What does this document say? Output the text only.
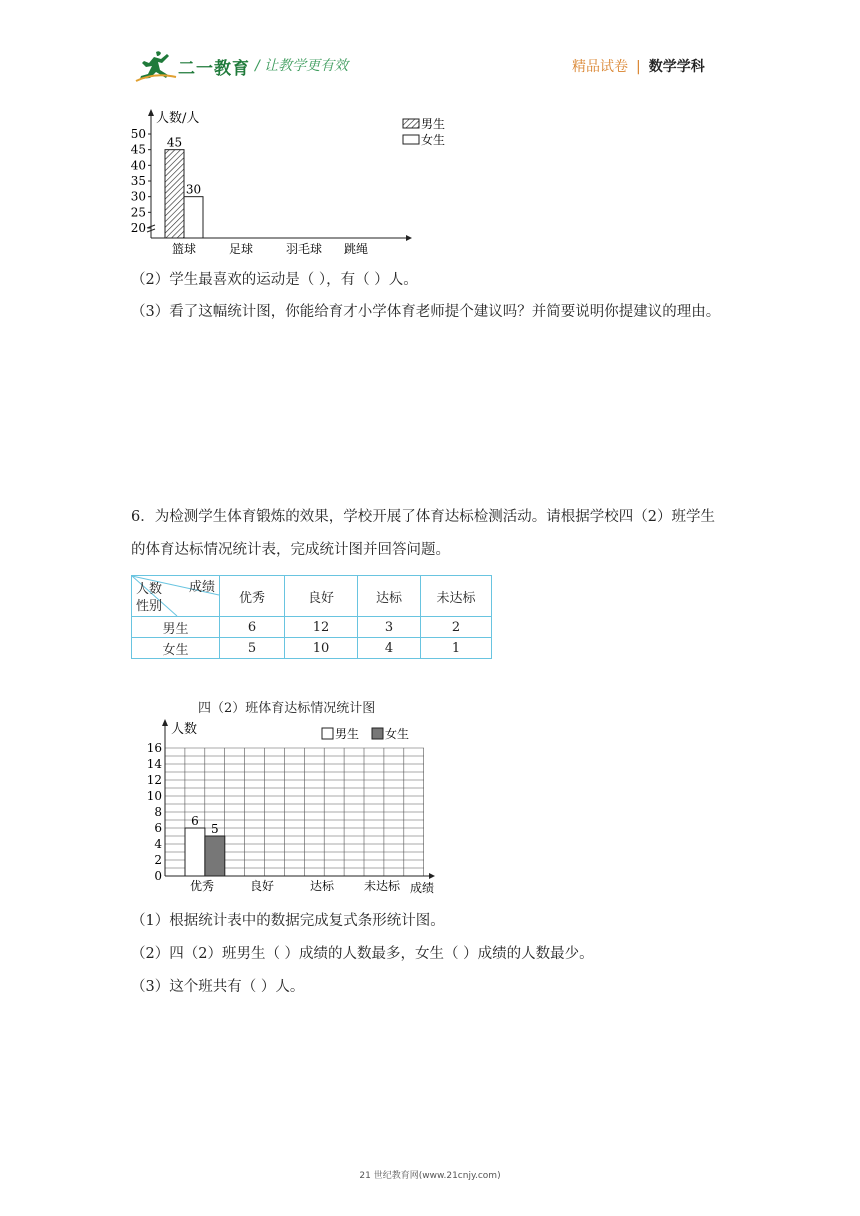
二一教育 / 让教学更有效	精品试卷 | 数学学科
人数/人
20
25
30
35
40
45
50
45
30
篮球	足球	羽毛球 跳绳
男生
女生
（2）学生最喜欢的运动是（ ），有（ ）人。
（3）看了这幅统计图，你能给育才小学体育老师提个建议吗？并简要说明你提建议的理由。
6．为检测学生体育锻炼的效果，学校开展了体育达标检测活动。请根据学校四（2）班学生
的体育达标情况统计表，完成统计图并回答问题。
人数 成绩
性别	优秀	良好	达标	未达标
男生	6	12	3	2
女生	5	10	4	1
四（2）班体育达标情况统计图
人数
0
2
4
6
8
10
12
14
16
6
5
优秀	良好	达标 未达标 成绩
男生 女生
（1）根据统计表中的数据完成复式条形统计图。
（2）四（2）班男生（ ）成绩的人数最多，女生（ ）成绩的人数最少。
（3）这个班共有（ ）人。
21 世纪教育网(www.21cnjy.com)
